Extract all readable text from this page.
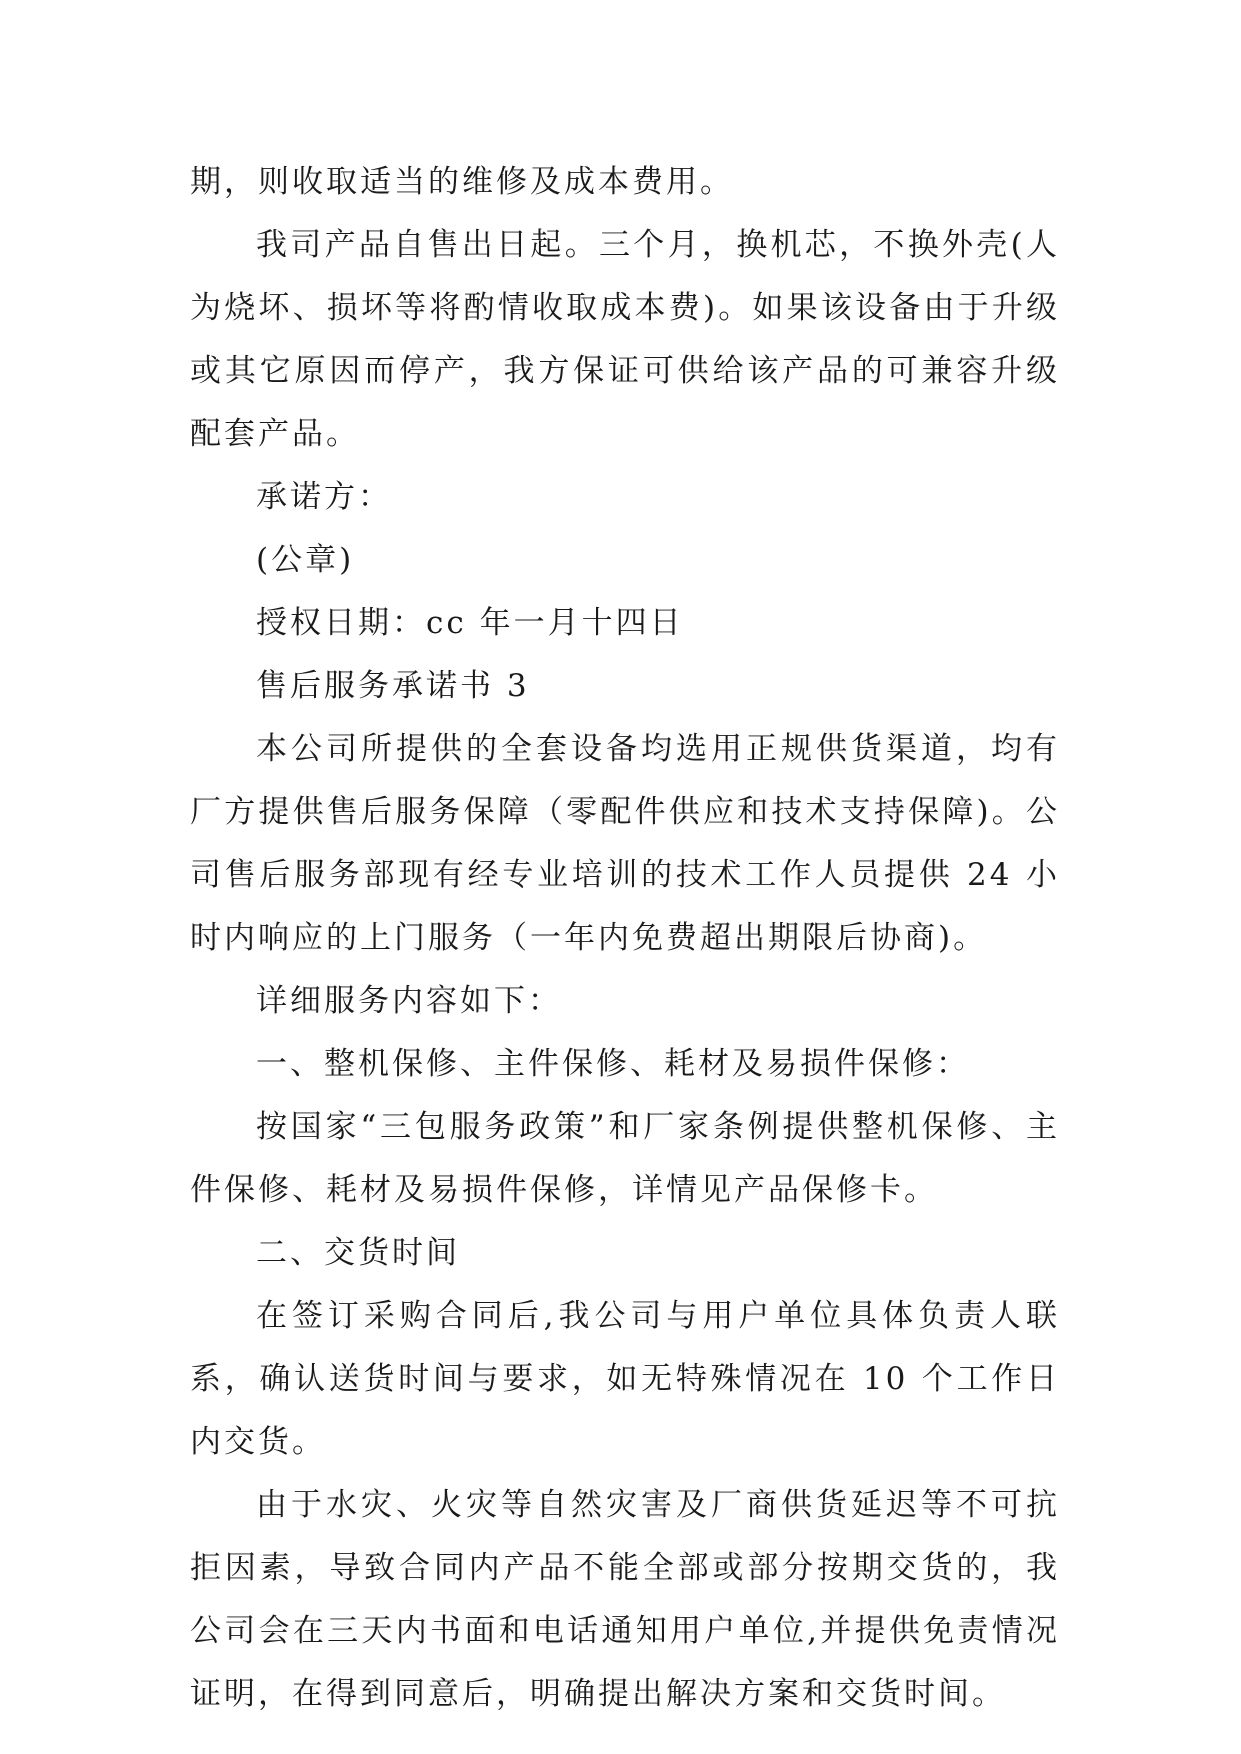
期，则收取适当的维修及成本费用。

我司产品自售出日起。三个月，换机芯，不换外壳(人为烧坏、损坏等将酌情收取成本费)。如果该设备由于升级或其它原因而停产，我方保证可供给该产品的可兼容升级配套产品。

承诺方：

(公章)

授权日期：cc 年一月十四日

售后服务承诺书 3

本公司所提供的全套设备均选用正规供货渠道，均有厂方提供售后服务保障（零配件供应和技术支持保障)。公司售后服务部现有经专业培训的技术工作人员提供 24 小时内响应的上门服务（一年内免费超出期限后协商)。

详细服务内容如下：

一、整机保修、主件保修、耗材及易损件保修：

按国家“三包服务政策”和厂家条例提供整机保修、主件保修、耗材及易损件保修，详情见产品保修卡。

二、交货时间

在签订采购合同后,我公司与用户单位具体负责人联系，确认送货时间与要求，如无特殊情况在 10 个工作日内交货。

由于水灾、火灾等自然灾害及厂商供货延迟等不可抗拒因素，导致合同内产品不能全部或部分按期交货的，我公司会在三天内书面和电话通知用户单位,并提供免责情况证明，在得到同意后，明确提出解决方案和交货时间。
